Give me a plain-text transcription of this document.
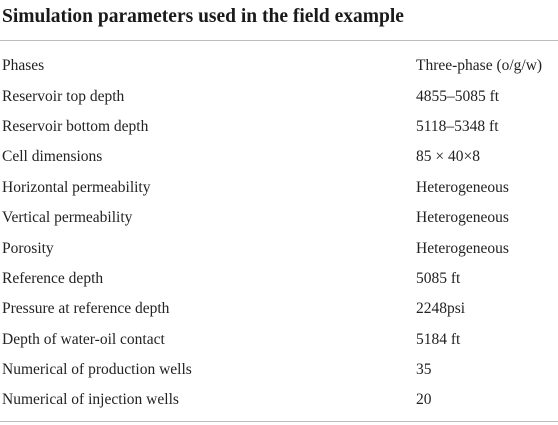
Simulation parameters used in the field example
Phases	Three-phase (o/g/w)
Reservoir top depth	4855–5085 ft
Reservoir bottom depth	5118–5348 ft
Cell dimensions	85 × 40×8
Horizontal permeability	Heterogeneous
Vertical permeability	Heterogeneous
Porosity	Heterogeneous
Reference depth	5085 ft
Pressure at reference depth	2248psi
Depth of water-oil contact	5184 ft
Numerical of production wells	35
Numerical of injection wells	20
